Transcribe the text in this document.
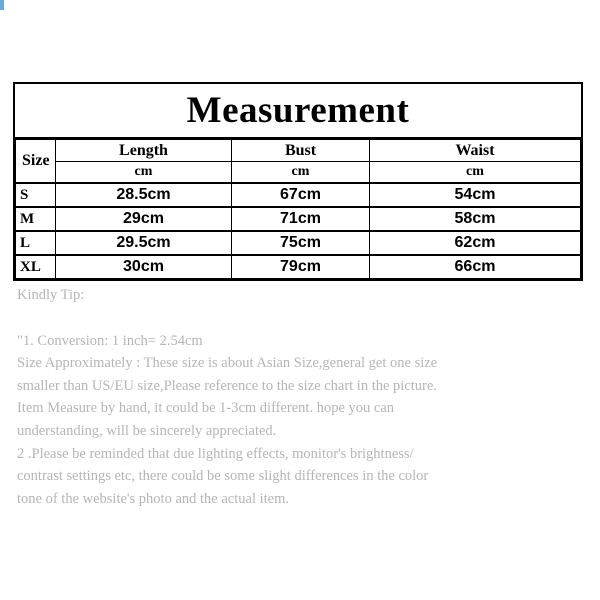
Measurement
Size	Length	Bust	Waist
	cm	cm	cm
S	28.5cm	67cm	54cm
M	29cm	71cm	58cm
L	29.5cm	75cm	62cm
XL	30cm	79cm	66cm

Kindly Tip:

"1. Conversion: 1 inch= 2.54cm

Size Approximately : These size is about Asian Size,general get one size

smaller than US/EU size,Please reference to the size chart in the picture.

Item Measure by hand, it could be 1-3cm different. hope you can

understanding, will be sincerely appreciated.

2 .Please be reminded that due lighting effects, monitor's brightness/

contrast settings etc, there could be some slight differences in the color

tone of the website's photo and the actual item.
